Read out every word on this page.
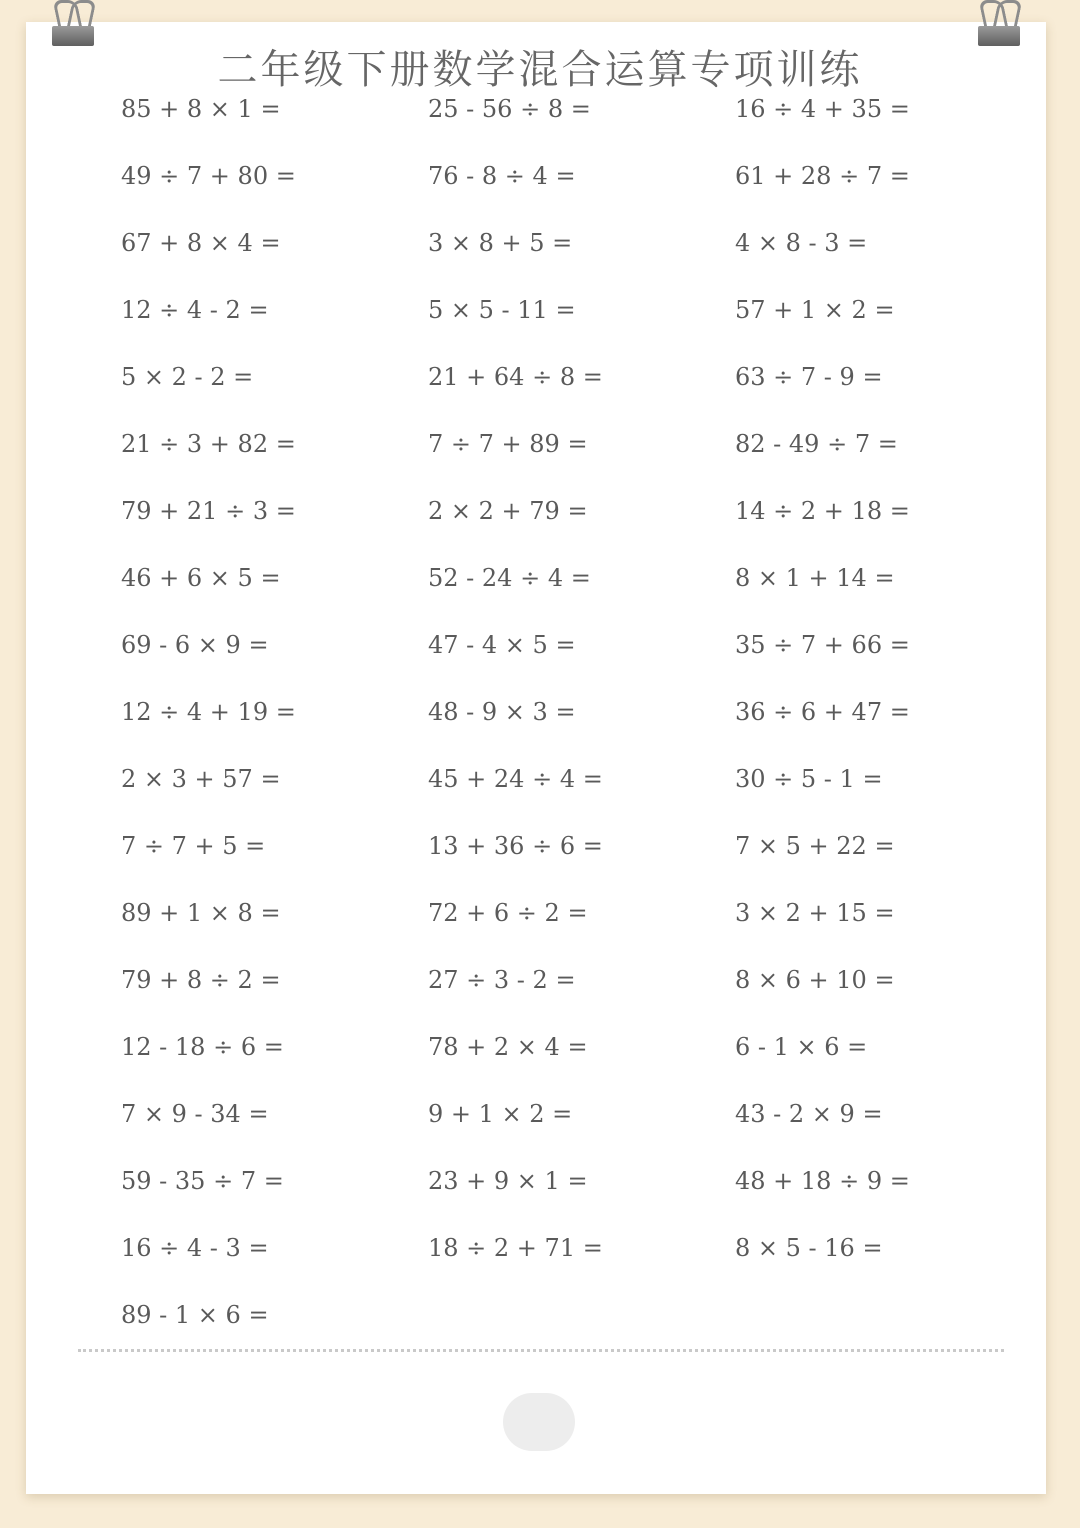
二年级下册数学混合运算专项训练
85 + 8 × 1 =
49 ÷ 7 + 80 =
67 + 8 × 4 =
12 ÷ 4 - 2 =
5 × 2 - 2 =
21 ÷ 3 + 82 =
79 + 21 ÷ 3 =
46 + 6 × 5 =
69 - 6 × 9 =
12 ÷ 4 + 19 =
2 × 3 + 57 =
7 ÷ 7 + 5 =
89 + 1 × 8 =
79 + 8 ÷ 2 =
12 - 18 ÷ 6 =
7 × 9 - 34 =
59 - 35 ÷ 7 =
16 ÷ 4 - 3 =
89 - 1 × 6 =
25 - 56 ÷ 8 =
76 - 8 ÷ 4 =
3 × 8 + 5 =
5 × 5 - 11 =
21 + 64 ÷ 8 =
7 ÷ 7 + 89 =
2 × 2 + 79 =
52 - 24 ÷ 4 =
47 - 4 × 5 =
48 - 9 × 3 =
45 + 24 ÷ 4 =
13 + 36 ÷ 6 =
72 + 6 ÷ 2 =
27 ÷ 3 - 2 =
78 + 2 × 4 =
9 + 1 × 2 =
23 + 9 × 1 =
18 ÷ 2 + 71 =
16 ÷ 4 + 35 =
61 + 28 ÷ 7 =
4 × 8 - 3 =
57 + 1 × 2 =
63 ÷ 7 - 9 =
82 - 49 ÷ 7 =
14 ÷ 2 + 18 =
8 × 1 + 14 =
35 ÷ 7 + 66 =
36 ÷ 6 + 47 =
30 ÷ 5 - 1 =
7 × 5 + 22 =
3 × 2 + 15 =
8 × 6 + 10 =
6 - 1 × 6 =
43 - 2 × 9 =
48 + 18 ÷ 9 =
8 × 5 - 16 =
